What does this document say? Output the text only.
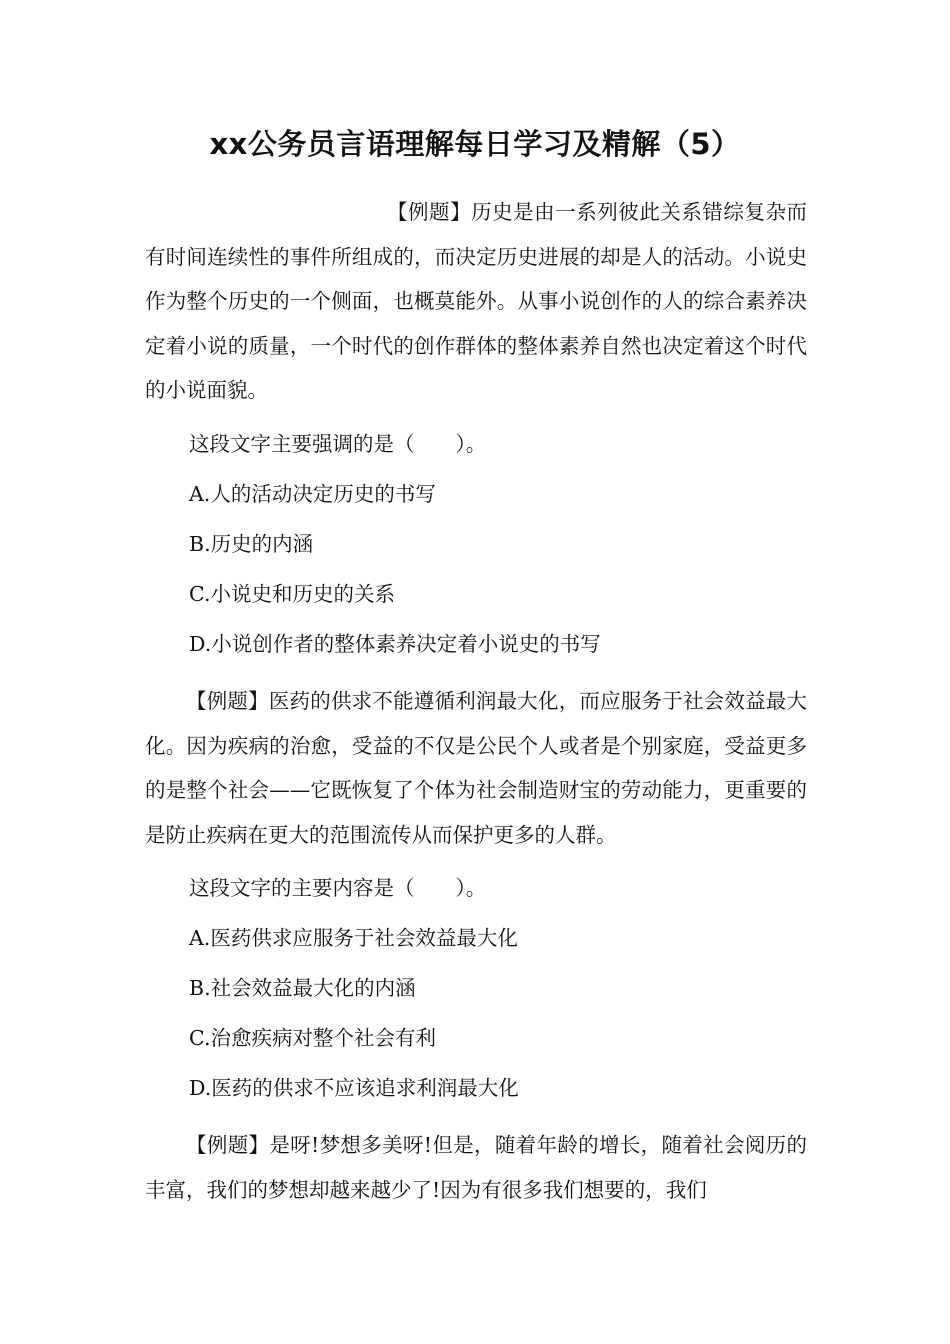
xx公务员言语理解每日学习及精解（5）

【例题】历史是由一系列彼此关系错综复杂而有时间连续性的事件所组成的，而决定历史进展的却是人的活动。小说史作为整个历史的一个侧面，也概莫能外。从事小说创作的人的综合素养决定着小说的质量，一个时代的创作群体的整体素养自然也决定着这个时代的小说面貌。

这段文字主要强调的是（　　）。

A.人的活动决定历史的书写

B.历史的内涵

C.小说史和历史的关系

D.小说创作者的整体素养决定着小说史的书写

【例题】医药的供求不能遵循利润最大化，而应服务于社会效益最大化。因为疾病的治愈，受益的不仅是公民个人或者是个别家庭，受益更多的是整个社会——它既恢复了个体为社会制造财宝的劳动能力，更重要的是防止疾病在更大的范围流传从而保护更多的人群。

这段文字的主要内容是（　　）。

A.医药供求应服务于社会效益最大化

B.社会效益最大化的内涵

C.治愈疾病对整个社会有利

D.医药的供求不应该追求利润最大化

【例题】是呀!梦想多美呀!但是，随着年龄的增长，随着社会阅历的丰富，我们的梦想却越来越少了!因为有很多我们想要的，我们
